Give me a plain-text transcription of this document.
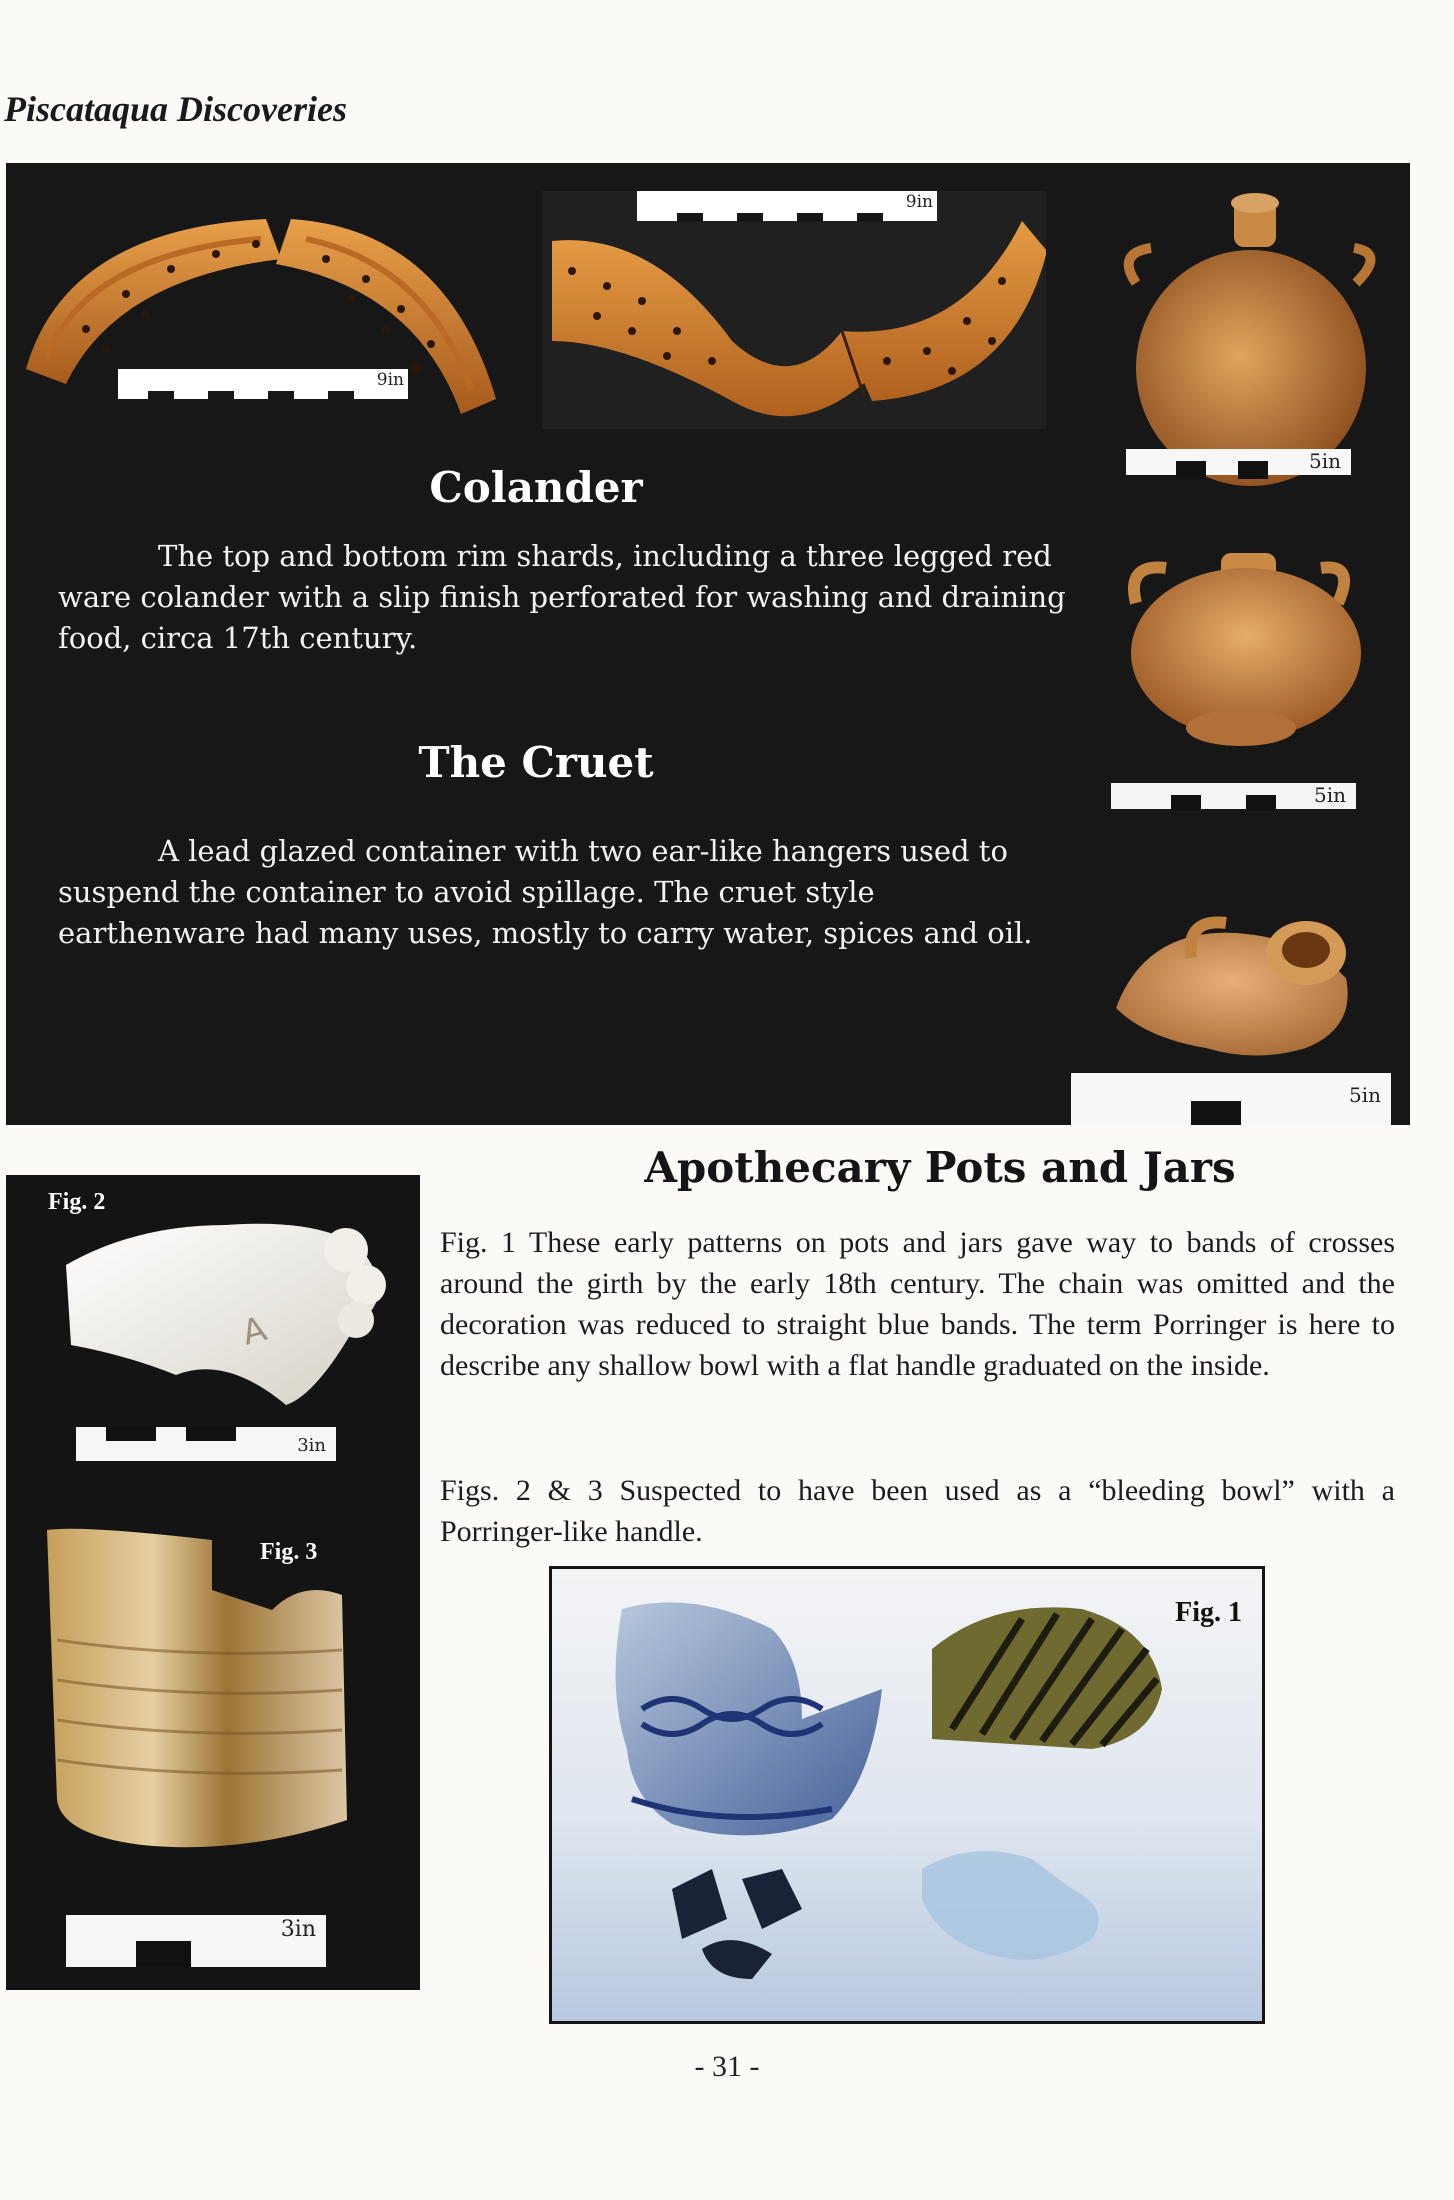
Piscataqua Discoveries
9in
9in
5in
5in
5in
Colander

The top and bottom rim shards, including a three legged red ware colander with a slip finish perforated for washing and draining food, circa 17th century.

The Cruet

A lead glazed container with two ear-like hangers used to suspend the container to avoid spillage. The cruet style earthenware had many uses, mostly to carry water, spices and oil.

Fig. 2
A
3in
Fig. 3
3in
Apothecary Pots and Jars

Fig. 1 These early patterns on pots and jars gave way to bands of crosses around the girth by the early 18th century. The chain was omitted and the decoration was reduced to straight blue bands. The term Porringer is here to describe any shallow bowl with a flat handle graduated on the inside.

Figs. 2 & 3 Suspected to have been used as a “bleeding bowl” with a Porringer-like handle.

Fig. 1
- 31 -
